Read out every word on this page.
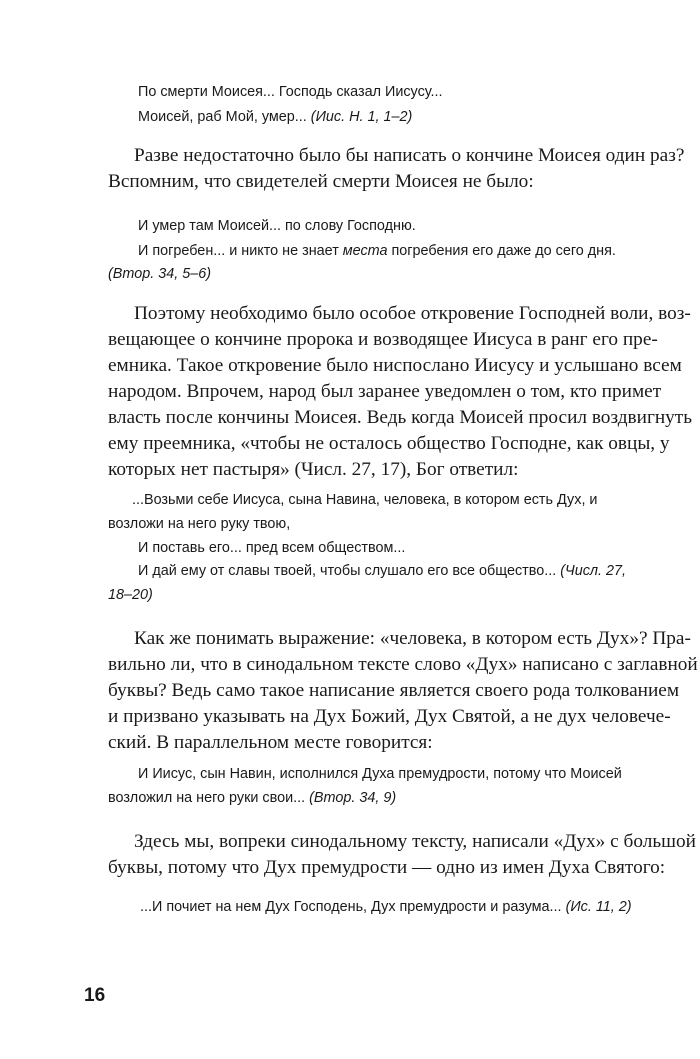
По смерти Моисея... Господь сказал Иисусу...
Моисей, раб Мой, умер... (Иис. Н. 1, 1–2)
Разве недостаточно было бы написать о кончине Моисея один раз?
Вспомним, что свидетелей смерти Моисея не было:
И умер там Моисей... по слову Господню.
И погребен... и никто не знает места погребения его даже до сего дня.
(Втор. 34, 5–6)
Поэтому необходимо было особое откровение Господней воли, воз-
вещающее о кончине пророка и возводящее Иисуса в ранг его пре-
емника. Такое откровение было ниспослано Иисусу и услышано всем
народом. Впрочем, народ был заранее уведомлен о том, кто примет
власть после кончины Моисея. Ведь когда Моисей просил воздвигнуть
ему преемника, «чтобы не осталось общество Господне, как овцы, у
которых нет пастыря» (Числ. 27, 17), Бог ответил:
...Возьми себе Иисуса, сына Навина, человека, в котором есть Дух, и
возложи на него руку твою,
И поставь его... пред всем обществом...
И дай ему от славы твоей, чтобы слушало его все общество... (Числ. 27,
18–20)
Как же понимать выражение: «человека, в котором есть Дух»? Пра-
вильно ли, что в синодальном тексте слово «Дух» написано с заглавной
буквы? Ведь само такое написание является своего рода толкованием
и призвано указывать на Дух Божий, Дух Святой, а не дух человече-
ский. В параллельном месте говорится:
И Иисус, сын Навин, исполнился Духа премудрости, потому что Моисей
возложил на него руки свои... (Втор. 34, 9)
Здесь мы, вопреки синодальному тексту, написали «Дух» с большой
буквы, потому что Дух премудрости — одно из имен Духа Святого:
...И почиет на нем Дух Господень, Дух премудрости и разума... (Ис. 11, 2)
16
